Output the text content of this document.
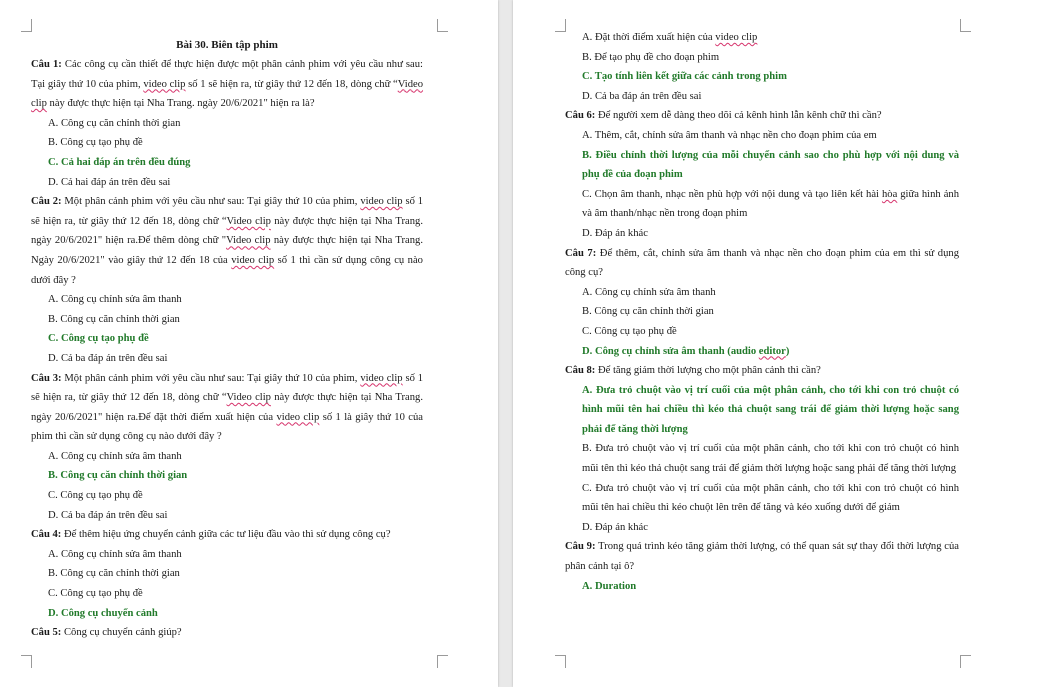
Bài 30. Biên tập phim

Câu 1: Các công cụ cần thiết để thực hiện được một phân cảnh phim với yêu cầu như sau: Tại giây thứ 10 của phim, video clip số 1 sẽ hiện ra, từ giây thứ 12 đến 18, dòng chữ “Video clip này được thực hiện tại Nha Trang. ngày 20/6/2021" hiện ra là?

A. Công cụ căn chỉnh thời gian

B. Công cụ tạo phụ đề

C. Cả hai đáp án trên đều đúng

D. Cả hai đáp án trên đều sai

Câu 2: Một phân cảnh phim với yêu cầu như sau: Tại giây thứ 10 của phim, video clip số 1 sẽ hiện ra, từ giây thứ 12 đến 18, dòng chữ “Video clip này được thực hiện tại Nha Trang. ngày 20/6/2021" hiện ra.Để thêm dòng chữ "Video clip này được thực hiện tại Nha Trang. Ngày 20/6/2021" vào giây thứ 12 đến 18 của video clip số 1 thì cần sử dụng công cụ nào dưới đây ?

A. Công cụ chỉnh sửa âm thanh

B. Công cụ căn chỉnh thời gian

C. Công cụ tạo phụ đề

D. Cả ba đáp án trên đều sai

Câu 3: Một phân cảnh phim với yêu cầu như sau: Tại giây thứ 10 của phim, video clip số 1 sẽ hiện ra, từ giây thứ 12 đến 18, dòng chữ “Video clip này được thực hiện tại Nha Trang. ngày 20/6/2021" hiện ra.Để đặt thời điểm xuất hiện của video clip số 1 là giây thứ 10 của phim thì cần sử dụng công cụ nào dưới đây ?

A. Công cụ chỉnh sửa âm thanh

B. Công cụ căn chỉnh thời gian

C. Công cụ tạo phụ đề

D. Cả ba đáp án trên đều sai

Câu 4: Để thêm hiệu ứng chuyển cảnh giữa các tư liệu đầu vào thì sử dụng công cụ?

A. Công cụ chỉnh sửa âm thanh

B. Công cụ căn chỉnh thời gian

C. Công cụ tạo phụ đề

D. Công cụ chuyển cảnh

Câu 5: Công cụ chuyển cảnh giúp?

A. Đặt thời điểm xuất hiện của video clip

B. Để tạo phụ đề cho đoạn phim

C. Tạo tính liên kết giữa các cảnh trong phim

D. Cả ba đáp án trên đều sai

Câu 6: Để người xem dễ dàng theo dõi cả kênh hình lẫn kênh chữ thì cần?

A. Thêm, cắt, chỉnh sửa âm thanh và nhạc nền cho đoạn phim của em

B. Điều chỉnh thời lượng của mỗi chuyển cảnh sao cho phù hợp với nội dung và phụ đề của đoạn phim

C. Chọn âm thanh, nhạc nền phù hợp với nội dung và tạo liên kết hài hòa giữa hình ảnh và âm thanh/nhạc nền trong đoạn phim

D. Đáp án khác

Câu 7: Để thêm, cắt, chỉnh sửa âm thanh và nhạc nền cho đoạn phim của em thì sử dụng công cụ?

A. Công cụ chỉnh sửa âm thanh

B. Công cụ căn chỉnh thời gian

C. Công cụ tạo phụ đề

D. Công cụ chỉnh sửa âm thanh (audio editor)

Câu 8: Để tăng giảm thời lượng cho một phân cảnh thì cần?

A. Đưa trỏ chuột vào vị trí cuối của một phân cảnh, cho tới khi con trỏ chuột có hình mũi tên hai chiều thì kéo thả chuột sang trái để giảm thời lượng hoặc sang phải để tăng thời lượng

B. Đưa trỏ chuột vào vị trí cuối của một phân cảnh, cho tới khi con trỏ chuột có hình mũi tên thì kéo thả chuột sang trái để giảm thời lượng hoặc sang phải để tăng thời lượng

C. Đưa trỏ chuột vào vị trí cuối của một phân cảnh, cho tới khi con trỏ chuột có hình mũi tên hai chiều thì kéo chuột lên trên để tăng và kéo xuống dưới để giảm

D. Đáp án khác

Câu 9: Trong quá trình kéo tăng giảm thời lượng, có thể quan sát sự thay đổi thời lượng của phân cảnh tại ô?

A. Duration
